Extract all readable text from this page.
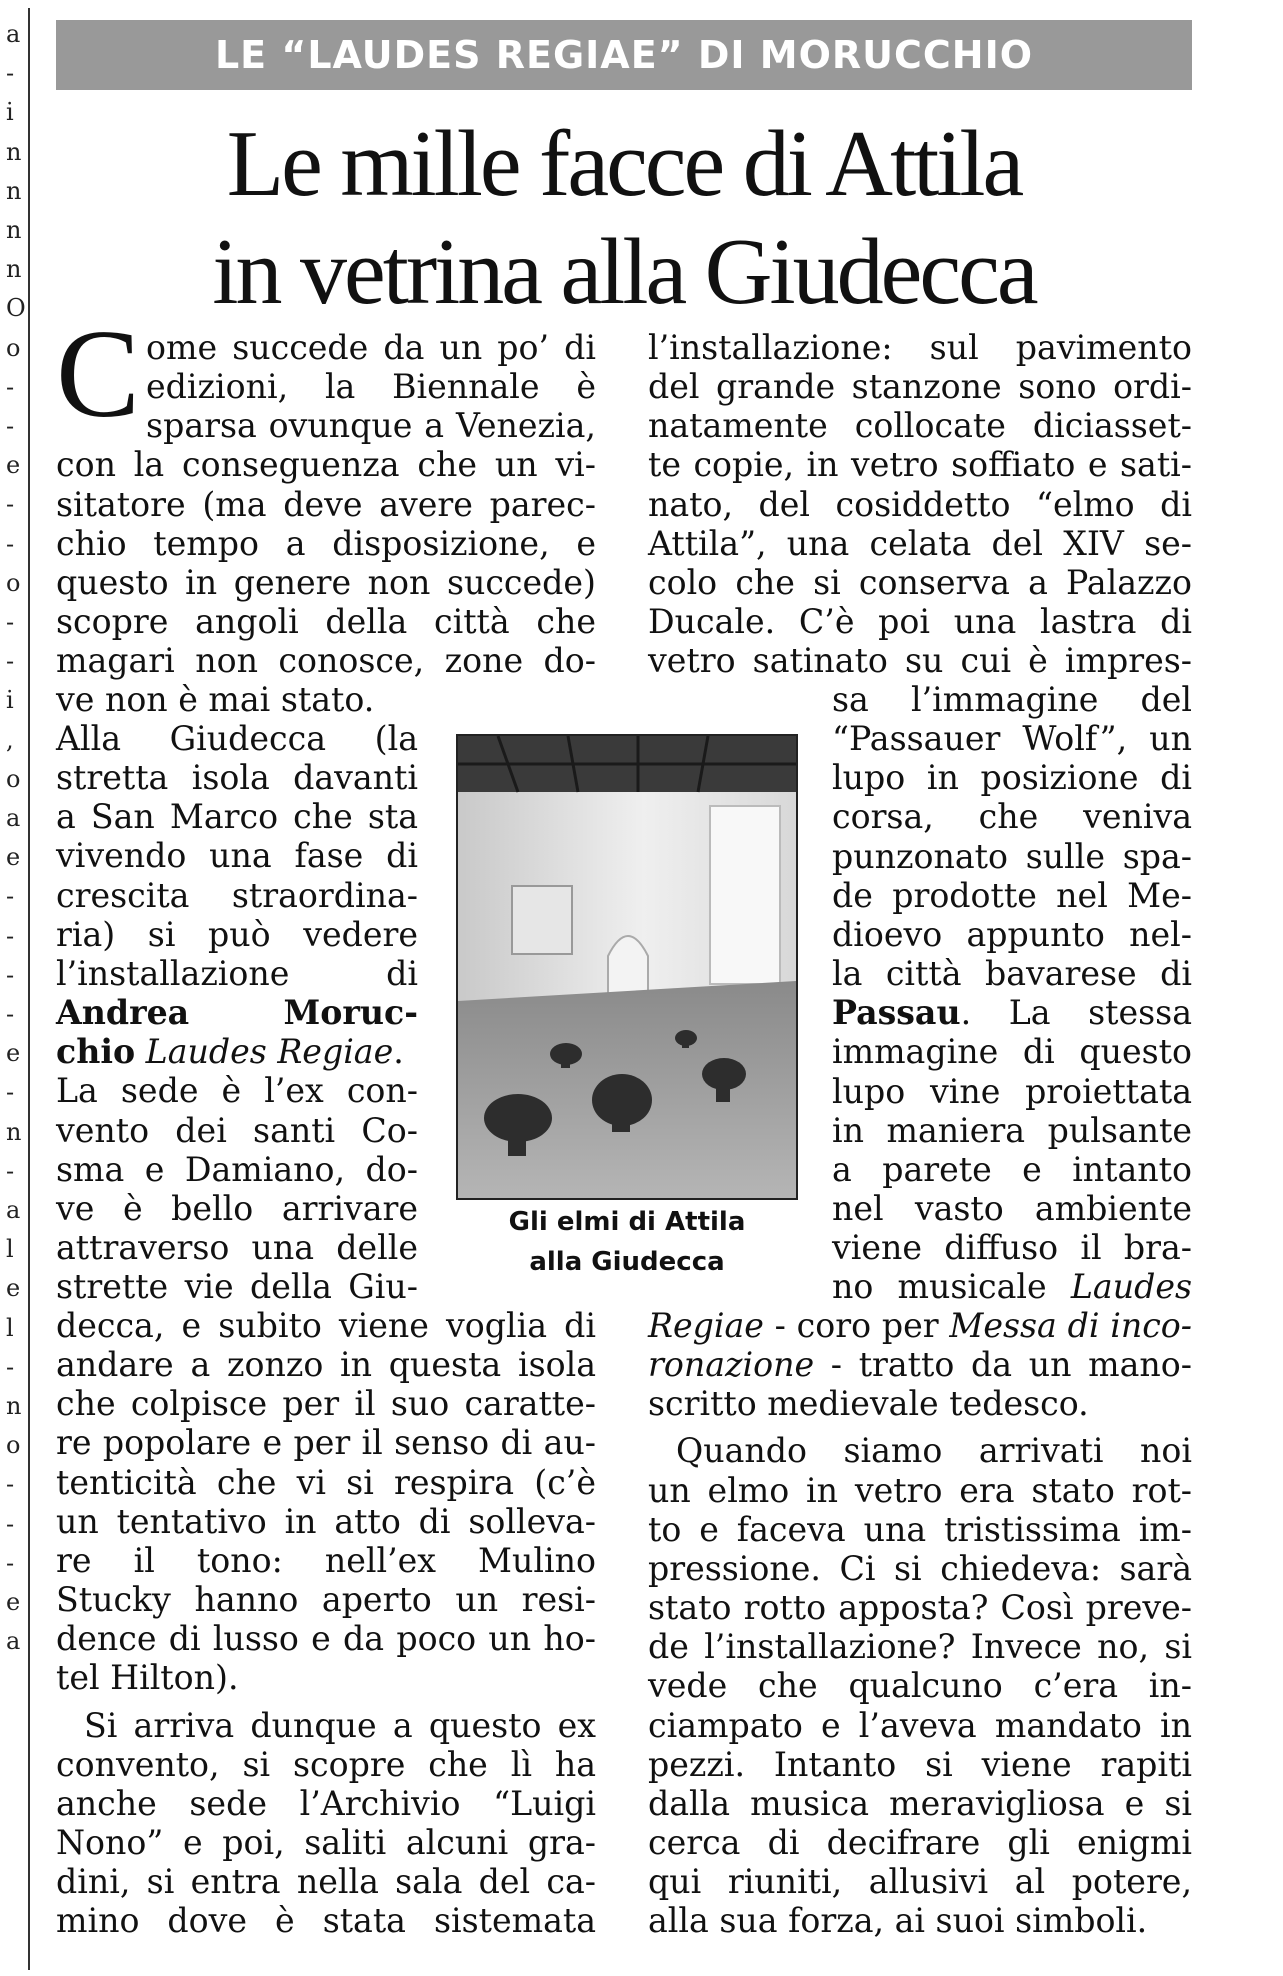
a
-
i
n
n
n
n
O
o
-
-
e
-
-
o
-
-
i
,
o
a
e
-
-
-
-
e
-
n
-
a
l
e
l
-
n
o
-
-
-
e
a
LE “LAUDES REGIAE” DI MORUCCHIO
Le mille facce di Attila
in vetrina alla Giudecca
C ome succede da un po’ di

edizioni, la Biennale è

sparsa ovunque a Venezia,

con la conseguenza che un vi-

sitatore (ma deve avere parec-

chio tempo a disposizione, e

questo in genere non succede)

scopre angoli della città che

magari non conosce, zone do-

ve non è mai stato.

Alla Giudecca (la

stretta isola davanti

a San Marco che sta

vivendo una fase di

crescita straordina-

ria) si può vedere

l’installazione di

Andrea	Moruc-

chio Laudes Regiae.

La sede è l’ex con-

vento dei santi Co-

sma e Damiano, do-

ve è bello arrivare

attraverso una delle

strette vie della Giu-

decca, e subito viene voglia di

andare a zonzo in questa isola

che colpisce per il suo caratte-

re popolare e per il senso di au-

tenticità che vi si respira (c’è

un tentativo in atto di solleva-

re il tono: nell’ex Mulino

Stucky hanno aperto un resi-

dence di lusso e da poco un ho-

tel Hilton).

Si arriva dunque a questo ex

convento, si scopre che lì ha

anche sede l’Archivio “Luigi

Nono” e poi, saliti alcuni gra-

dini, si entra nella sala del ca-

mino dove è stata sistemata

Gli elmi di Attila
alla Giudecca

l’installazione: sul pavimento

del grande stanzone sono ordi-

natamente collocate diciasset-

te copie, in vetro soffiato e sati-

nato, del cosiddetto “elmo di

Attila”, una celata del XIV se-

colo che si conserva a Palazzo

Ducale. C’è poi una lastra di

vetro satinato su cui è impres-

sa l’immagine del

“Passauer Wolf”, un

lupo in posizione di

corsa, che veniva

punzonato sulle spa-

de prodotte nel Me-

dioevo appunto nel-

la città bavarese di

Passau. La stessa

immagine di questo

lupo vine proiettata

in maniera pulsante

a parete e intanto

nel vasto ambiente

viene diffuso il bra-

no musicale Laudes

Regiae - coro per Messa di inco-

ronazione - tratto da un mano-

scritto medievale tedesco.

Quando siamo arrivati noi

un elmo in vetro era stato rot-

to e faceva una tristissima im-

pressione. Ci si chiedeva: sarà

stato rotto apposta? Così preve-

de l’installazione? Invece no, si

vede che qualcuno c’era in-

ciampato e l’aveva mandato in

pezzi. Intanto si viene rapiti

dalla musica meravigliosa e si

cerca di decifrare gli enigmi

qui riuniti, allusivi al potere,

alla sua forza, ai suoi simboli.
